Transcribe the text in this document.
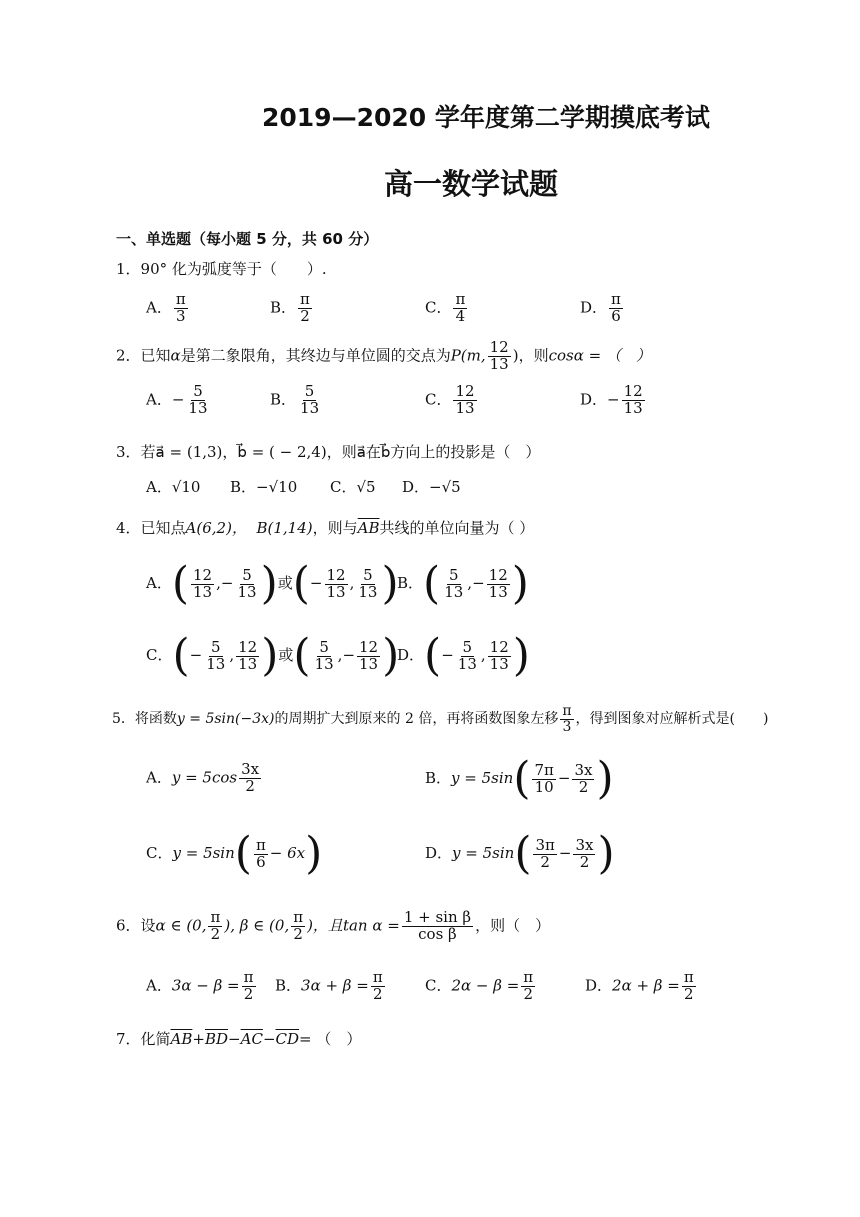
2019—2020 学年度第二学期摸底考试
高一数学试题
一、单选题（每小题 5 分，共 60 分）
1．90° 化为弧度等于（　　）.
A． $\frac{\pi}{3}$	B． $\frac{\pi}{2}$	C． $\frac{\pi}{4}$	D． $\frac{\pi}{6}$
2．已知α是第二象限角，其终边与单位圆的交点为P(m, $\frac{12}{13}$ )，则cosα = （　）
A．− $\frac{5}{13}$	B． $\frac{5}{13}$	C． $\frac{12}{13}$	D．− $\frac{12}{13}$
3．若a⃗ = (1,3)，b⃗ = ( − 2,4)，则a⃗在b⃗方向上的投影是（　）
A．√10 B．−√10 C．√5 D．−√5
4．已知点A(6,2)， B(1,14)，则与$\overline{AB}$共线的单位向量为（ ）
A．( $\frac{12}{13}$ ,− $\frac{5}{13}$ )或(− $\frac{12}{13}$ , $\frac{5}{13}$ )
B．( $\frac{5}{13}$ ,− $\frac{12}{13}$ )
C．(− $\frac{5}{13}$ , $\frac{12}{13}$ )或( $\frac{5}{13}$ ,− $\frac{12}{13}$ )
D．(− $\frac{5}{13}$ , $\frac{12}{13}$ )
5．将函数y = 5sin(−3x)的周期扩大到原来的 2 倍，再将函数图象左移 $\frac{\pi}{3}$ ，得到图象对应解析式是(　　)
A．$y = 5\cos \frac{3x}{2}$	B．$y = 5\sin( \frac{7\pi}{10} - \frac{3x}{2}$ )
C．$y = 5\sin( \frac{\pi}{6} - 6x)$	D．$y = 5\sin( \frac{3\pi}{2} - \frac{3x}{2}$ )
6．设α ∈ (0, $\frac{\pi}{2}$ ), β ∈ (0, $\frac{\pi}{2}$ )，且$\tan \alpha = \frac{\text{1 + sin β}}{\text{cos β}}$ ，则（　）
A．$3\alpha - \beta = \frac{\pi}{2}$ B．$3\alpha + \beta = \frac{\pi}{2}$	C．$2\alpha - \beta = \frac{\pi}{2}$	D．$2\alpha + \beta = \frac{\pi}{2}$
7．化简$\overline{AB}+\overline{BD}-\overline{AC}-\overline{CD}=$ （　）
